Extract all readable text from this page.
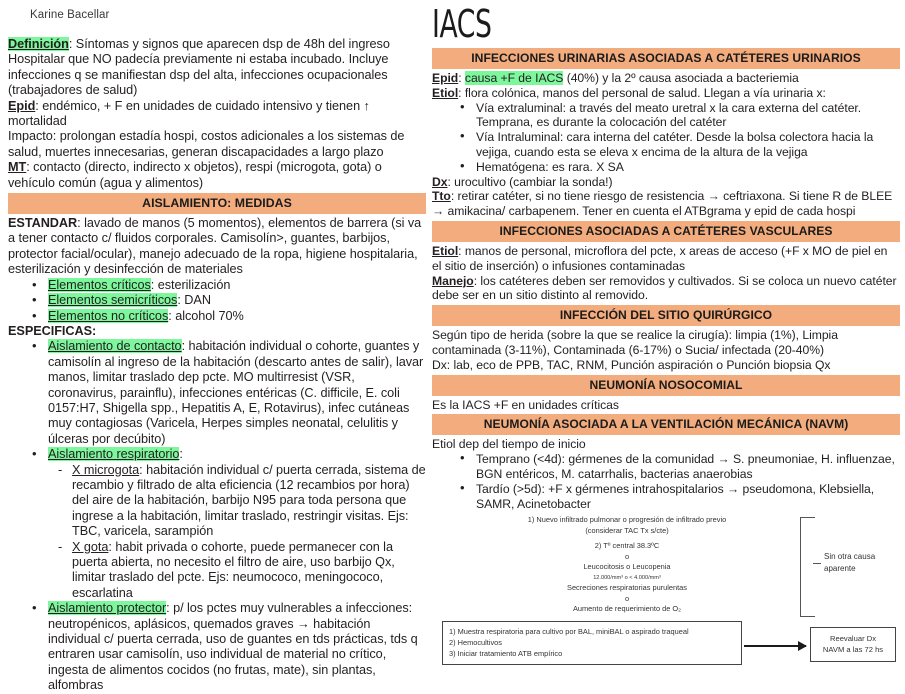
Karine Bacellar

Definición: Síntomas y signos que aparecen dsp de 48h del ingreso Hospitalar que NO padecía previamente ni estaba incubado. Incluye infecciones q se manifiestan dsp del alta, infecciones ocupacionales (trabajadores de salud)

Epid: endémico, + F en unidades de cuidado intensivo y tienen ↑ mortalidad

Impacto: prolongan estadía hospi, costos adicionales a los sistemas de salud, muertes innecesarias, generan discapacidades a largo plazo

MT: contacto (directo, indirecto x objetos), respi (microgota, gota) o vehículo común (agua y alimentos)

AISLAMIENTO: MEDIDAS

ESTANDAR: lavado de manos (5 momentos), elementos de barrera (si va a tener contacto c/ fluidos corporales. Camisolín>, guantes, barbijos, protector facial/ocular), manejo adecuado de la ropa, higiene hospitalaria, esterilización y desinfección de materiales

• Elementos críticos: esterilización
• Elementos semicríticos: DAN
• Elementos no críticos: alcohol 70%

ESPECIFICAS:

• Aislamiento de contacto: habitación individual o cohorte, guantes y camisolín al ingreso de la habitación (descarto antes de salir), lavar manos, limitar traslado dep pcte. MO multirresist (VSR, coronavirus, parainflu), infecciones entéricas (C. difficile, E. coli 0157:H7, Shigella spp., Hepatitis A, E, Rotavirus), infec cutáneas muy contagiosas (Varicela, Herpes simples neonatal, celulitis y úlceras por decúbito)
• Aislamiento respiratorio:
- X microgota: habitación individual c/ puerta cerrada, sistema de recambio y filtrado de alta eficiencia (12 recambios por hora) del aire de la habitación, barbijo N95 para toda persona que ingrese a la habitación, limitar traslado, restringir visitas. Ejs: TBC, varicela, sarampión
- X gota: habit privada o cohorte, puede permanecer con la puerta abierta, no necesito el filtro de aire, uso barbijo Qx, limitar traslado del pcte. Ejs: neumococo, meningococo, escarlatina
• Aislamiento protector: p/ los pctes muy vulnerables a infecciones: neutropénicos, aplásicos, quemados graves → habitación individual c/ puerta cerrada, uso de guantes en tds prácticas, tds q entraren usar camisolín, uso individual de material no crítico, ingesta de alimentos cocidos (no frutas, mate), sin plantas, alfombras
IACS
INFECCIONES URINARIAS ASOCIADAS A CATÉTERES URINARIOS

Epid: causa +F de IACS (40%) y la 2º causa asociada a bacteriemia

Etiol: flora colónica, manos del personal de salud. Llegan a vía urinaria x:

• Vía extraluminal: a través del meato uretral x la cara externa del catéter. Temprana, es durante la colocación del catéter
• Vía Intraluminal: cara interna del catéter. Desde la bolsa colectora hacia la vejiga, cuando esta se eleva x encima de la altura de la vejiga
• Hematógena: es rara. X SA

Dx: urocultivo (cambiar la sonda!)

Tto: retirar catéter, si no tiene riesgo de resistencia → ceftriaxona. Si tiene R de BLEE → amikacina/ carbapenem. Tener en cuenta el ATBgrama y epid de cada hospi

INFECCIONES ASOCIADAS A CATÉTERES VASCULARES

Etiol: manos de personal, microflora del pcte, x areas de acceso (+F x MO de piel en el sitio de inserción) o infusiones contaminadas

Manejo: los catéteres deben ser removidos y cultivados. Si se coloca un nuevo catéter debe ser en un sitio distinto al removido.

INFECCIÓN DEL SITIO QUIRÚRGICO

Según tipo de herida (sobre la que se realice la cirugía): limpia (1%), Limpia contaminada (3-11%), Contaminada (6-17%) o Sucia/ infectada (20-40%)

Dx: lab, eco de PPB, TAC, RNM, Punción aspiración o Punción biopsia Qx

NEUMONÍA NOSOCOMIAL

Es la IACS +F en unidades críticas

NEUMONÍA ASOCIADA A LA VENTILACIÓN MECÁNICA (NAVM)

Etiol dep del tiempo de inicio

• Temprano (<4d): gérmenes de la comunidad → S. pneumoniae, H. influenzae, BGN entéricos, M. catarrhalis, bacterias anaerobias
• Tardío (>5d): +F x gérmenes intrahospitalarios → pseudomona, Klebsiella, SAMR, Acinetobacter
1) Nuevo infiltrado pulmonar o progresión de infiltrado previo
(considerar TAC Tx s/cte)
2) Tº central 38.3ºC
o
Leucocitosis o Leucopenia
12.000/mm³ o < 4.000/mm³
Secreciones respiratorias purulentas
o
Aumento de requerimiento de O₂
Sin otra causa
aparente
1) Muestra respiratoria para cultivo por BAL, miniBAL o aspirado traqueal
2) Hemocultivos
3) Iniciar tratamiento ATB empírico
Reevaluar Dx
NAVM a las 72 hs
